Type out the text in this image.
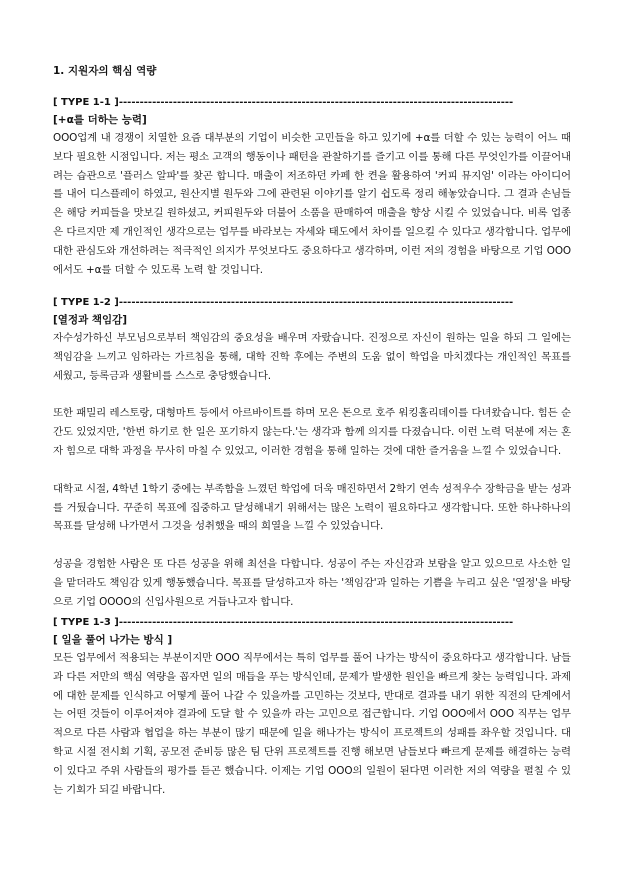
1. 지원자의 핵심 역량
[ TYPE 1-1 ]-----------------------------------------------------------------------------------------------
[+α를 더하는 능력]

OOO업계 내 경쟁이 치열한 요즘 대부분의 기업이 비슷한 고민들을 하고 있기에 +α를 더할 수 있는 능력이 어느 때보다 필요한 시점입니다. 저는 평소 고객의 행동이나 패턴을 관찰하기를 즐기고 이를 통해 다른 무엇인가를 이끌어내려는 습관으로 '플러스 알파'를 찾곤 합니다. 매출이 저조하던 카페 한 켠을 활용하여 '커피 뮤지엄' 이라는 아이디어를 내어 디스플레이 하였고, 원산지별 원두와 그에 관련된 이야기를 알기 쉽도록 정리 해놓았습니다. 그 결과 손님들은 해당 커피들을 맛보길 원하셨고, 커피원두와 더불어 소품을 판매하여 매출을 향상 시킬 수 있었습니다. 비록 업종은 다르지만 제 개인적인 생각으로는 업무를 바라보는 자세와 태도에서 차이를 일으킬 수 있다고 생각합니다. 업무에 대한 관심도와 개선하려는 적극적인 의지가 무엇보다도 중요하다고 생각하며, 이런 저의 경험을 바탕으로 기업 OOO에서도 +α를 더할 수 있도록 노력 할 것입니다.

[ TYPE 1-2 ]-----------------------------------------------------------------------------------------------
[열정과 책임감]

자수성가하신 부모님으로부터 책임감의 중요성을 배우며 자랐습니다. 진정으로 자신이 원하는 일을 하되 그 일에는 책임감을 느끼고 임하라는 가르침을 통해, 대학 진학 후에는 주변의 도움 없이 학업을 마치겠다는 개인적인 목표를 세웠고, 등록금과 생활비를 스스로 충당했습니다.

또한 패밀리 레스토랑, 대형마트 등에서 아르바이트를 하며 모은 돈으로 호주 워킹홀리데이를 다녀왔습니다. 힘든 순간도 있었지만, '한번 하기로 한 일은 포기하지 않는다.'는 생각과 함께 의지를 다졌습니다. 이런 노력 덕분에 저는 혼자 힘으로 대학 과정을 무사히 마칠 수 있었고, 이러한 경험을 통해 일하는 것에 대한 즐거움을 느낄 수 있었습니다.

대학교 시절, 4학년 1학기 중에는 부족함을 느꼈던 학업에 더욱 매진하면서 2학기 연속 성적우수 장학금을 받는 성과를 거뒀습니다. 꾸준히 목표에 집중하고 달성해내기 위해서는 많은 노력이 필요하다고 생각합니다. 또한 하나하나의 목표를 달성해 나가면서 그것을 성취했을 때의 희열을 느낄 수 있었습니다.

성공을 경험한 사람은 또 다른 성공을 위해 최선을 다합니다. 성공이 주는 자신감과 보람을 알고 있으므로 사소한 일을 맡더라도 책임감 있게 행동했습니다. 목표를 달성하고자 하는 '책임감'과 일하는 기쁨을 누리고 싶은 '열정'을 바탕으로 기업 OOOO의 신입사원으로 거듭나고자 합니다.

[ TYPE 1-3 ]-----------------------------------------------------------------------------------------------
[ 일을 풀어 나가는 방식 ]

모든 업무에서 적용되는 부분이지만 OOO 직무에서는 특히 업무를 풀어 나가는 방식이 중요하다고 생각합니다. 남들과 다른 저만의 핵심 역량을 꼽자면 일의 매듭을 푸는 방식인데, 문제가 발생한 원인을 빠르게 찾는 능력입니다. 과제에 대한 문제를 인식하고 어떻게 풀어 나갈 수 있을까를 고민하는 것보다, 반대로 결과를 내기 위한 직전의 단계에서는 어떤 것들이 이루어져야 결과에 도달 할 수 있을까 라는 고민으로 접근합니다. 기업 OOO에서 OOO 직무는 업무적으로 다른 사람과 협업을 하는 부분이 많기 때문에 일을 해나가는 방식이 프로젝트의 성패를 좌우할 것입니다. 대학교 시절 전시회 기획, 공모전 준비등 많은 팀 단위 프로젝트를 진행 해보면 남들보다 빠르게 문제를 해결하는 능력이 있다고 주위 사람들의 평가를 듣곤 했습니다. 이제는 기업 OOO의 일원이 된다면 이러한 저의 역량을 펼칠 수 있는 기회가 되길 바랍니다.
